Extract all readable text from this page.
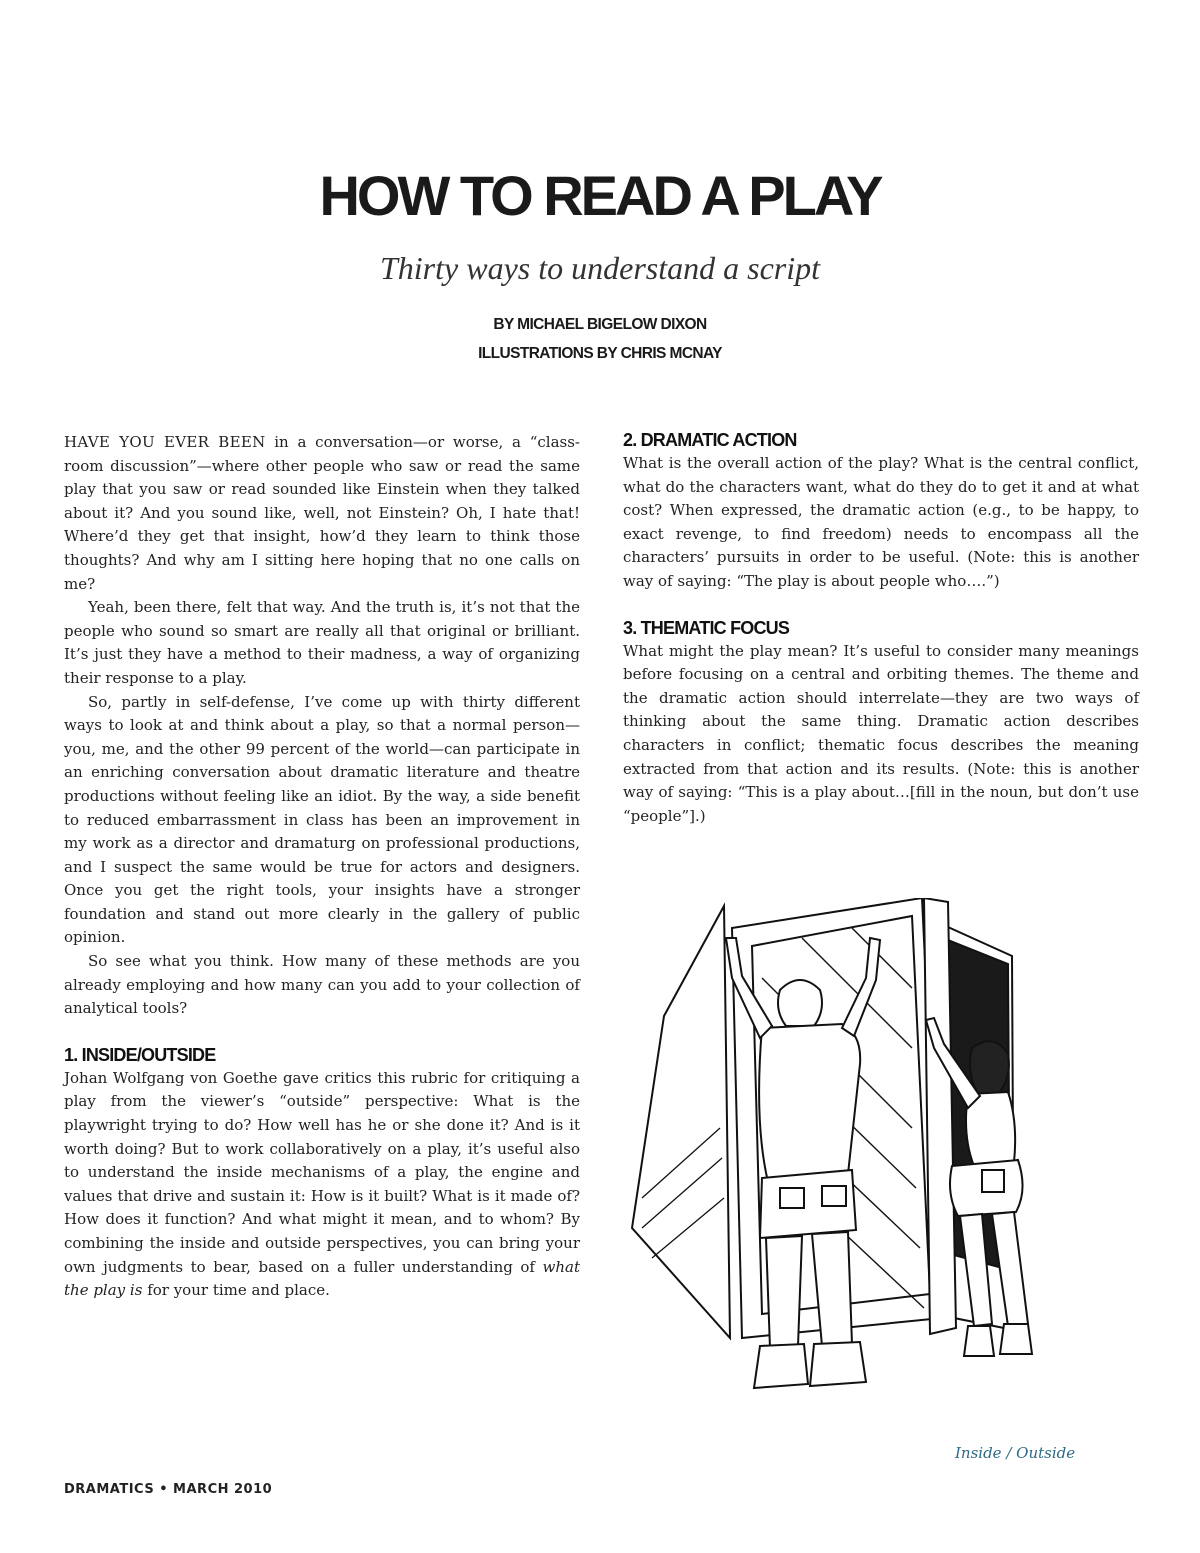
HOW TO READ A PLAY

Thirty ways to understand a script

BY MICHAEL BIGELOW DIXON

ILLUSTRATIONS BY CHRIS MCNAY

HAVE YOU EVER BEEN in a conversation—or worse, a “class-room discussion”—where other people who saw or read the same play that you saw or read sounded like Einstein when they talked about it? And you sound like, well, not Einstein? Oh, I hate that! Where’d they get that insight, how’d they learn to think those thoughts? And why am I sitting here hoping that no one calls on me?

Yeah, been there, felt that way. And the truth is, it’s not that the people who sound so smart are really all that original or brilliant. It’s just they have a method to their madness, a way of organizing their response to a play.

So, partly in self-defense, I’ve come up with thirty different ways to look at and think about a play, so that a normal person—you, me, and the other 99 percent of the world—can participate in an enriching conversation about dramatic literature and theatre productions without feeling like an idiot. By the way, a side benefit to reduced embarrassment in class has been an improvement in my work as a director and dramaturg on professional productions, and I suspect the same would be true for actors and designers. Once you get the right tools, your insights have a stronger foundation and stand out more clearly in the gallery of public opinion.

So see what you think. How many of these methods are you already employing and how many can you add to your collection of analytical tools?

1. INSIDE/OUTSIDE

Johan Wolfgang von Goethe gave critics this rubric for critiquing a play from the viewer’s “outside” perspective: What is the playwright trying to do? How well has he or she done it? And is it worth doing? But to work collaboratively on a play, it’s useful also to understand the inside mechanisms of a play, the engine and values that drive and sustain it: How is it built? What is it made of? How does it function? And what might it mean, and to whom? By combining the inside and outside perspectives, you can bring your own judgments to bear, based on a fuller understanding of what the play is for your time and place.

2. DRAMATIC ACTION

What is the overall action of the play? What is the central conflict, what do the characters want, what do they do to get it and at what cost? When expressed, the dramatic action (e.g., to be happy, to exact revenge, to find freedom) needs to encompass all the characters’ pursuits in order to be useful. (Note: this is another way of saying: “The play is about people who….”)

3. THEMATIC FOCUS

What might the play mean? It’s useful to consider many meanings before focusing on a central and orbiting themes. The theme and the dramatic action should interrelate—they are two ways of thinking about the same thing. Dramatic action describes characters in conflict; thematic focus describes the meaning extracted from that action and its results. (Note: this is another way of saying: “This is a play about…[fill in the noun, but don’t use “people”].)

Inside / Outside
DRAMATICS • MARCH 2010
